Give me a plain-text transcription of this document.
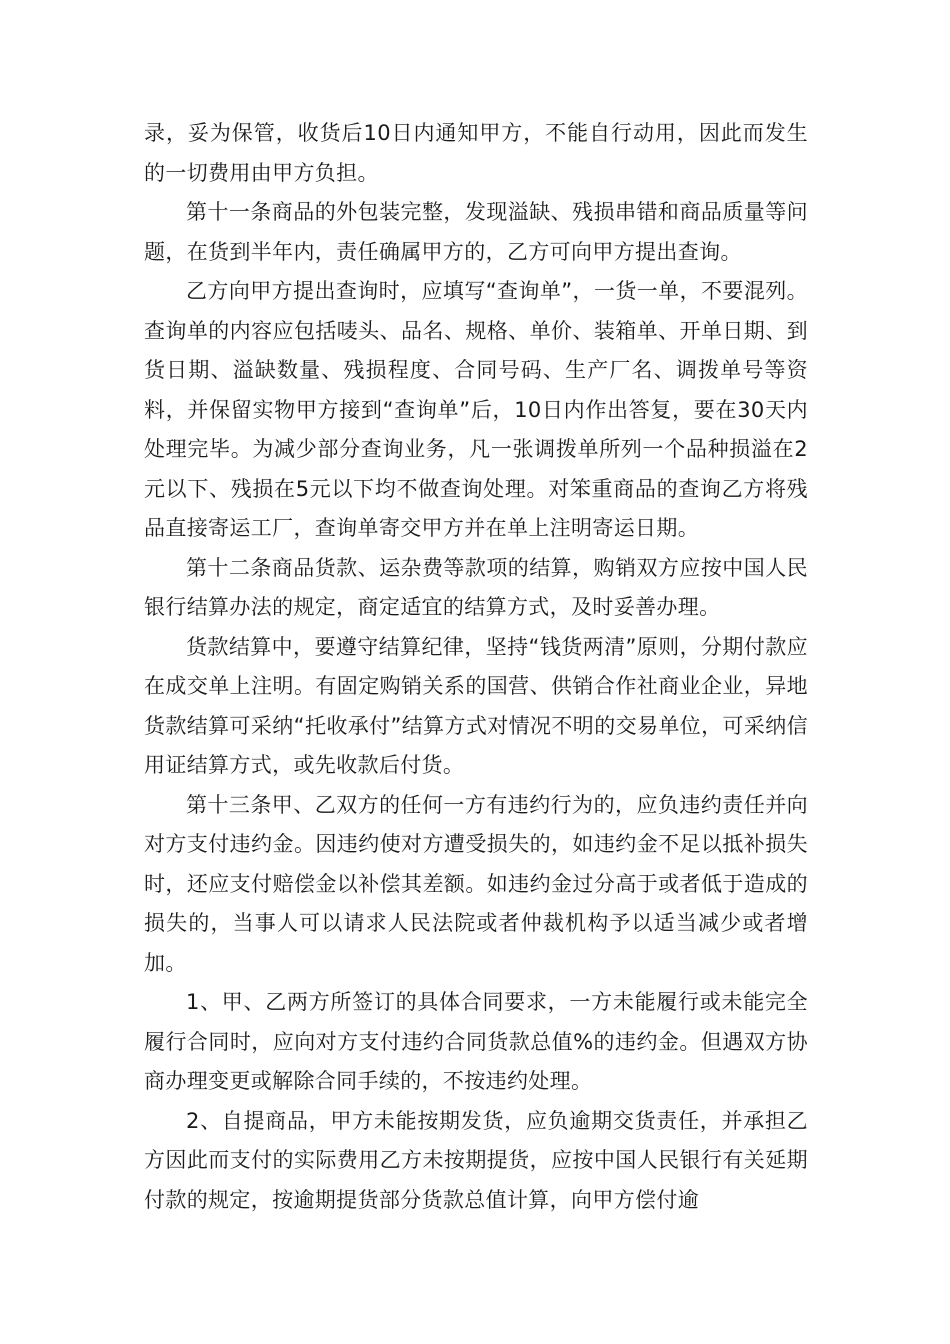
录，妥为保管，收货后10日内通知甲方，不能自行动用，因此而发生的一切费用由甲方负担。

第十一条商品的外包装完整，发现溢缺、残损串错和商品质量等问题，在货到半年内，责任确属甲方的，乙方可向甲方提出查询。

乙方向甲方提出查询时，应填写“查询单”，一货一单，不要混列。查询单的内容应包括唛头、品名、规格、单价、装箱单、开单日期、到货日期、溢缺数量、残损程度、合同号码、生产厂名、调拨单号等资料，并保留实物甲方接到“查询单”后，10日内作出答复，要在30天内处理完毕。为减少部分查询业务，凡一张调拨单所列一个品种损溢在2元以下、残损在5元以下均不做查询处理。对笨重商品的查询乙方将残品直接寄运工厂，查询单寄交甲方并在单上注明寄运日期。

第十二条商品货款、运杂费等款项的结算，购销双方应按中国人民银行结算办法的规定，商定适宜的结算方式，及时妥善办理。

货款结算中，要遵守结算纪律，坚持“钱货两清”原则，分期付款应在成交单上注明。有固定购销关系的国营、供销合作社商业企业，异地货款结算可采纳“托收承付”结算方式对情况不明的交易单位，可采纳信用证结算方式，或先收款后付货。

第十三条甲、乙双方的任何一方有违约行为的，应负违约责任并向对方支付违约金。因违约使对方遭受损失的，如违约金不足以抵补损失时，还应支付赔偿金以补偿其差额。如违约金过分高于或者低于造成的损失的，当事人可以请求人民法院或者仲裁机构予以适当减少或者增加。

1、甲、乙两方所签订的具体合同要求，一方未能履行或未能完全履行合同时，应向对方支付违约合同货款总值%的违约金。但遇双方协商办理变更或解除合同手续的，不按违约处理。

2、自提商品，甲方未能按期发货，应负逾期交货责任，并承担乙方因此而支付的实际费用乙方未按期提货，应按中国人民银行有关延期付款的规定，按逾期提货部分货款总值计算，向甲方偿付逾
